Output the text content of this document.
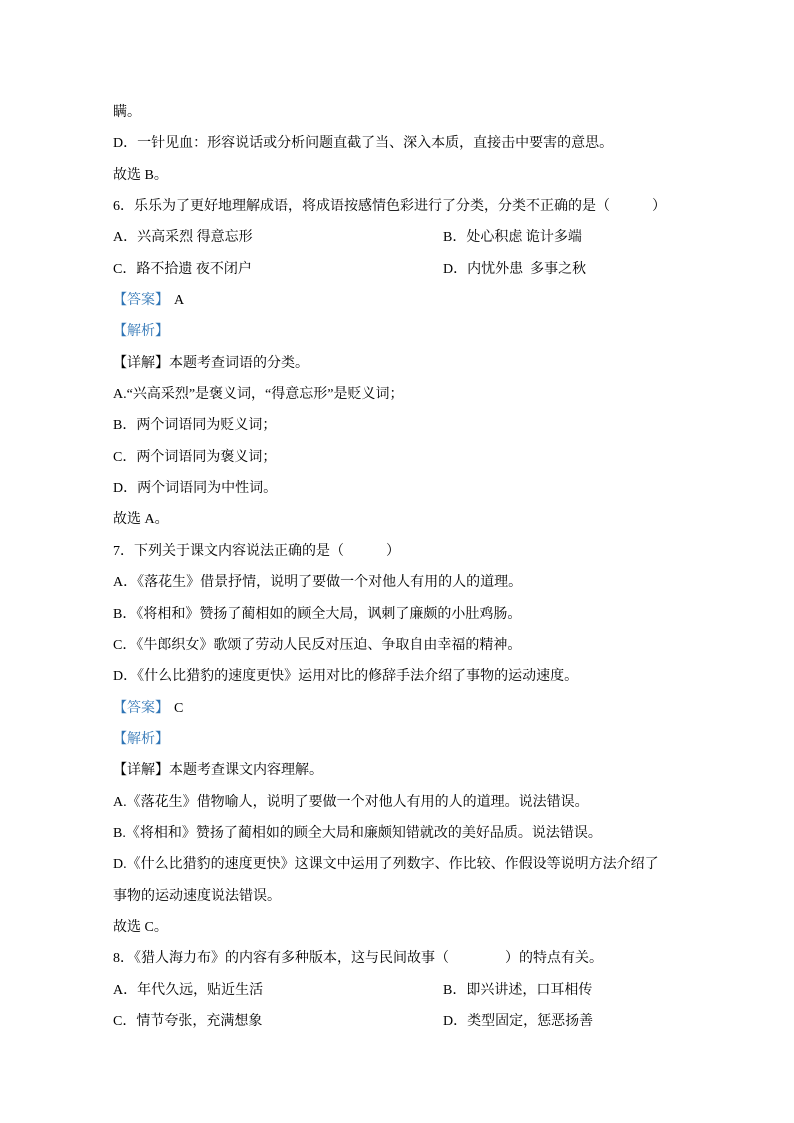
瞒。
D．一针见血：形容说话或分析问题直截了当、深入本质，直接击中要害的意思。
故选 B。
6．乐乐为了更好地理解成语，将成语按感情色彩进行了分类，分类不正确的是（　　　）
A．兴高采烈 得意忘形	B．处心积虑 诡计多端
C．路不拾遗 夜不闭户	D．内忧外患  多事之秋
【答案】 A
【解析】
【详解】本题考查词语的分类。
A.“兴高采烈”是褒义词，“得意忘形”是贬义词；
B．两个词语同为贬义词；
C．两个词语同为褒义词；
D．两个词语同为中性词。
故选 A。
7．下列关于课文内容说法正确的是（　　　）
A．《落花生》借景抒情，说明了要做一个对他人有用的人的道理。
B．《将相和》赞扬了蔺相如的顾全大局，讽刺了廉颇的小肚鸡肠。
C．《牛郎织女》歌颂了劳动人民反对压迫、争取自由幸福的精神。
D．《什么比猎豹的速度更快》运用对比的修辞手法介绍了事物的运动速度。
【答案】 C
【解析】
【详解】本题考查课文内容理解。
A.《落花生》借物喻人，说明了要做一个对他人有用的人的道理。说法错误。
B.《将相和》赞扬了蔺相如的顾全大局和廉颇知错就改的美好品质。说法错误。
D.《什么比猎豹的速度更快》这课文中运用了列数字、作比较、作假设等说明方法介绍了
事物的运动速度说法错误。
故选 C。
8．《猎人海力布》的内容有多种版本，这与民间故事（　　　　）的特点有关。
A．年代久远，贴近生活	B．即兴讲述，口耳相传
C．情节夸张，充满想象	D．类型固定，惩恶扬善
